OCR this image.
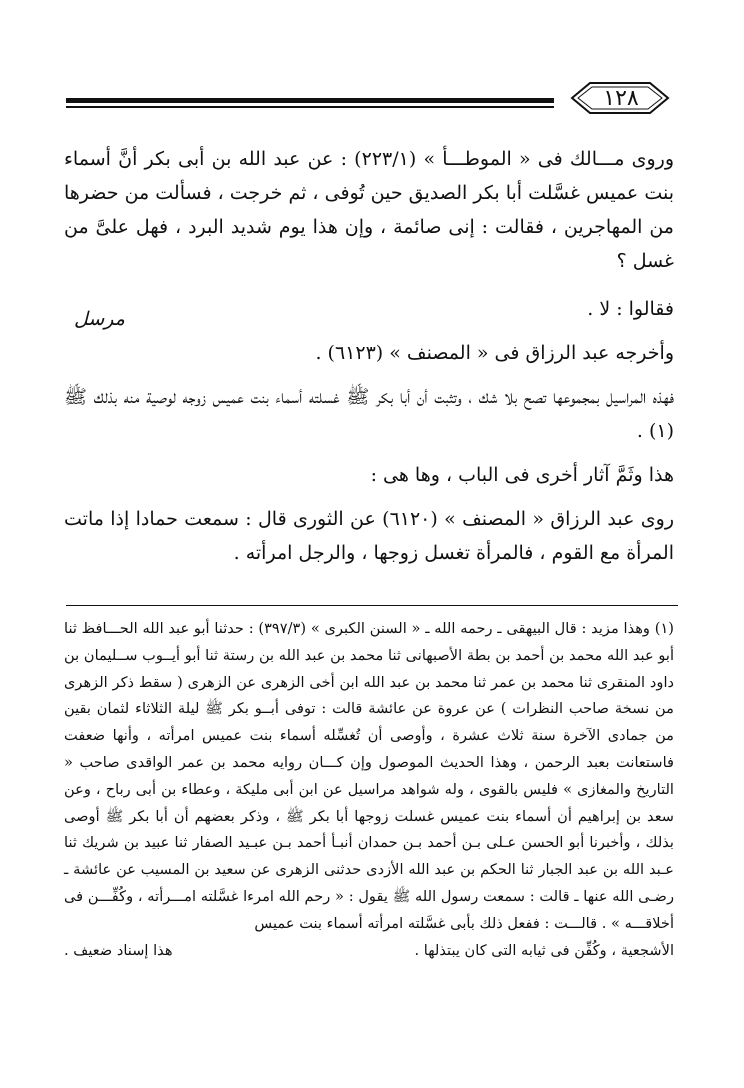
١٢٨

وروى مـــالك فى « الموطـــأ » (٢٢٣/١) : عن عبد الله بن أبى بكر أنَّ أسماء بنت عميس غسَّلت أبا بكر الصديق حين تُوفى ، ثم خرجت ، فسألت من حضرها من المهاجرين ، فقالت : إنى صائمة ، وإن هذا يوم شديد البرد ، فهل علىَّ من غسل ؟

فقالوا : لا .

وأخرجه عبد الرزاق فى « المصنف » (٦١٢٣) .

فهذه المراسيل بمجموعها تصح بلا شك ، وتثبت أن أبا بكر ﷺ غسلته أسماء بنت عميس زوجه لوصية منه بذلك ﷺ (١) .

هذا وثَمَّ آثار أخرى فى الباب ، وها هى :

روى عبد الرزاق « المصنف » (٦١٢٠) عن الثورى قال : سمعت حمادا إذا ماتت المرأة مع القوم ، فالمرأة تغسل زوجها ، والرجل امرأته .

مرسل

(١) وهذا مزيد : قال البيهقى ـ رحمه الله ـ « السنن الكبرى » (٣٩٧/٣) : حدثنا أبو عبد الله الحـــافظ ثنا أبو عبد الله محمد بن أحمد بن بطة الأصبهانى ثنا محمد بن عبد الله بن رستة ثنا أبو أيــوب ســليمان بن داود المنقرى ثنا محمد بن عمر ثنا محمد بن عبد الله ابن أخى الزهرى عن الزهرى ( سقط ذكر الزهرى من نسخة صاحب النظرات ) عن عروة عن عائشة قالت : توفى أبــو بكر ﷺ ليلة الثلاثاء لثمان بقين من جمادى الآخرة سنة ثلاث عشرة ، وأوصى أن تُغسِّله أسماء بنت عميس امرأته ، وأنها ضعفت فاستعانت بعبد الرحمن ، وهذا الحديث الموصول وإن كـــان روايه محمد بن عمر الواقدى صاحب « التاريخ والمغازى » فليس بالقوى ، وله شواهد مراسيل عن ابن أبى مليكة ، وعطاء بن أبى رباح ، وعن سعد بن إبراهيم أن أسماء بنت عميس غسلت زوجها أبا بكر ﷺ ، وذكر بعضهم أن أبا بكر ﷺ أوصى بذلك ، وأخبرنا أبو الحسن عـلى بـن أحمد بـن حمدان أنبـأ أحمد بـن عبـيد الصفار ثنا عبيد بن شريك ثنا عـبد الله بن عبد الجبار ثنا الحكم بن عبد الله الأزدى حدثنى الزهرى عن سعيد بن المسيب عن عائشة ـ رضـى الله عنها ـ قالت : سمعت رسول الله ﷺ يقول : « رحم الله امرءا غسَّلته امـــرأته ، وكُفِّـــن فى أخلاقـــه » . قالـــت : ففعل ذلك بأبى غسَّلته امرأته أسماء بنت عميس

الأشجعية ، وكُفِّن فى ثيابه التى كان يبتذلها .
هذا إسناد ضعيف .
